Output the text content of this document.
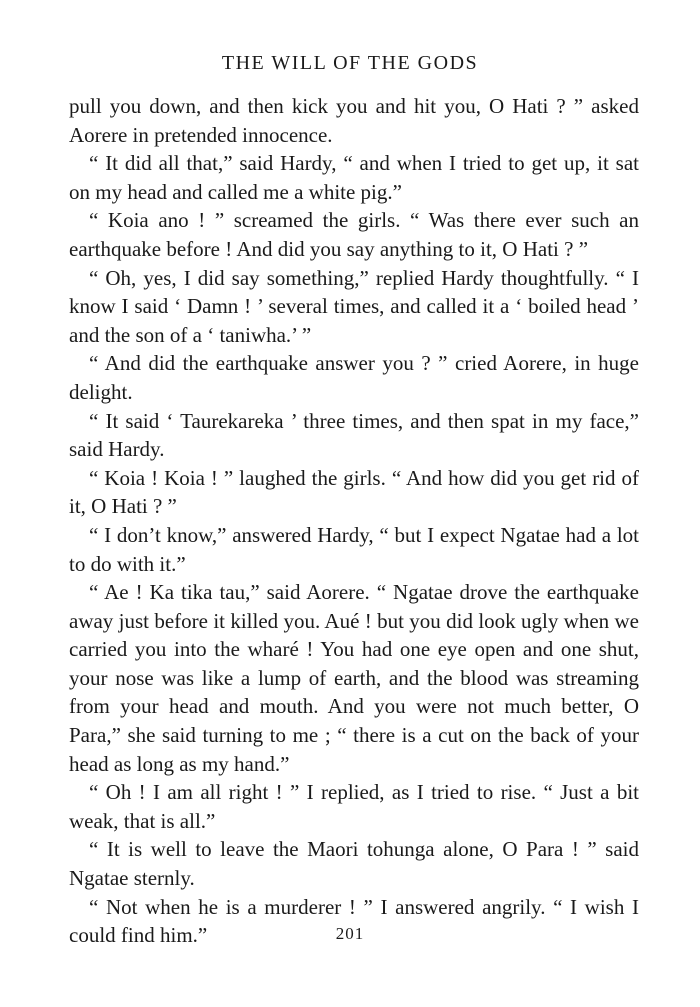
THE WILL OF THE GODS

pull you down, and then kick you and hit you, O Hati ? ” asked Aorere in pretended innocence.

“ It did all that,” said Hardy, “ and when I tried to get up, it sat on my head and called me a white pig.”

“ Koia ano ! ” screamed the girls. “ Was there ever such an earthquake before ! And did you say anything to it, O Hati ? ”

“ Oh, yes, I did say something,” replied Hardy thoughtfully. “ I know I said ‘ Damn ! ’ several times, and called it a ‘ boiled head ’ and the son of a ‘ taniwha.’ ”

“ And did the earthquake answer you ? ” cried Aorere, in huge delight.

“ It said ‘ Taurekareka ’ three times, and then spat in my face,” said Hardy.

“ Koia ! Koia ! ” laughed the girls. “ And how did you get rid of it, O Hati ? ”

“ I don’t know,” answered Hardy, “ but I expect Ngatae had a lot to do with it.”

“ Ae ! Ka tika tau,” said Aorere. “ Ngatae drove the earthquake away just before it killed you. Aué ! but you did look ugly when we carried you into the wharé ! You had one eye open and one shut, your nose was like a lump of earth, and the blood was streaming from your head and mouth. And you were not much better, O Para,” she said turning to me ; “ there is a cut on the back of your head as long as my hand.”

“ Oh ! I am all right ! ” I replied, as I tried to rise. “ Just a bit weak, that is all.”

“ It is well to leave the Maori tohunga alone, O Para ! ” said Ngatae sternly.

“ Not when he is a murderer ! ” I answered angrily. “ I wish I could find him.”	201
